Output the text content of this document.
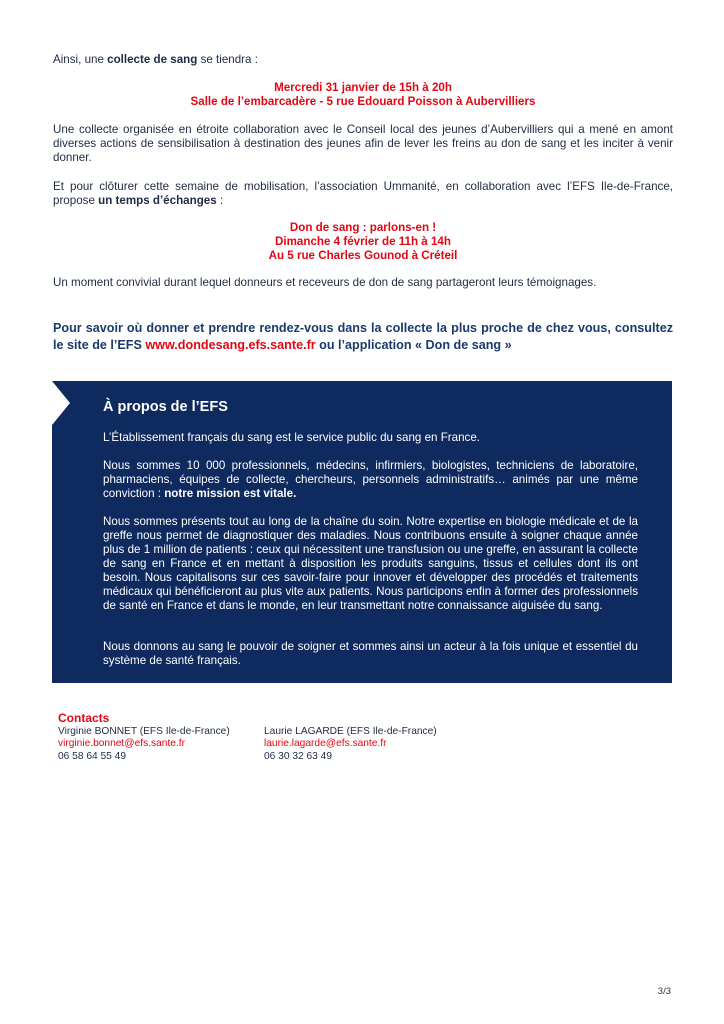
Ainsi, une collecte de sang se tiendra :
Mercredi 31 janvier de 15h à 20h
Salle de l’embarcadère - 5 rue Edouard Poisson à Aubervilliers
Une collecte organisée en étroite collaboration avec le Conseil local des jeunes d’Aubervilliers qui a mené en amont diverses actions de sensibilisation à destination des jeunes afin de lever les freins au don de sang et les inciter à venir donner.
Et pour clôturer cette semaine de mobilisation, l’association Ummanité, en collaboration avec l’EFS Ile-de-France, propose un temps d’échanges :
Don de sang : parlons-en !
Dimanche 4 février de 11h à 14h
Au 5 rue Charles Gounod à Créteil
Un moment convivial durant lequel donneurs et receveurs de don de sang partageront leurs témoignages.
Pour savoir où donner et prendre rendez-vous dans la collecte la plus proche de chez vous, consultez le site de l’EFS www.dondesang.efs.sante.fr ou l’application « Don de sang »
À propos de l’EFS
L’Établissement français du sang est le service public du sang en France.
Nous sommes 10 000 professionnels, médecins, infirmiers, biologistes, techniciens de laboratoire, pharmaciens, équipes de collecte, chercheurs, personnels administratifs… animés par une même conviction : notre mission est vitale.
Nous sommes présents tout au long de la chaîne du soin. Notre expertise en biologie médicale et de la greffe nous permet de diagnostiquer des maladies. Nous contribuons ensuite à soigner chaque année plus de 1 million de patients : ceux qui nécessitent une transfusion ou une greffe, en assurant la collecte de sang en France et en mettant à disposition les produits sanguins, tissus et cellules dont ils ont besoin. Nous capitalisons sur ces savoir-faire pour innover et développer des procédés et traitements médicaux qui bénéficieront au plus vite aux patients. Nous participons enfin à former des professionnels de santé en France et dans le monde, en leur transmettant notre connaissance aiguisée du sang.
Nous donnons au sang le pouvoir de soigner et sommes ainsi un acteur à la fois unique et essentiel du système de santé français.
Contacts
Virginie BONNET (EFS Ile-de-France)
virginie.bonnet@efs.sante.fr
06 58 64 55 49
Laurie LAGARDE (EFS Ile-de-France)
laurie.lagarde@efs.sante.fr
06 30 32 63 49
3/3
